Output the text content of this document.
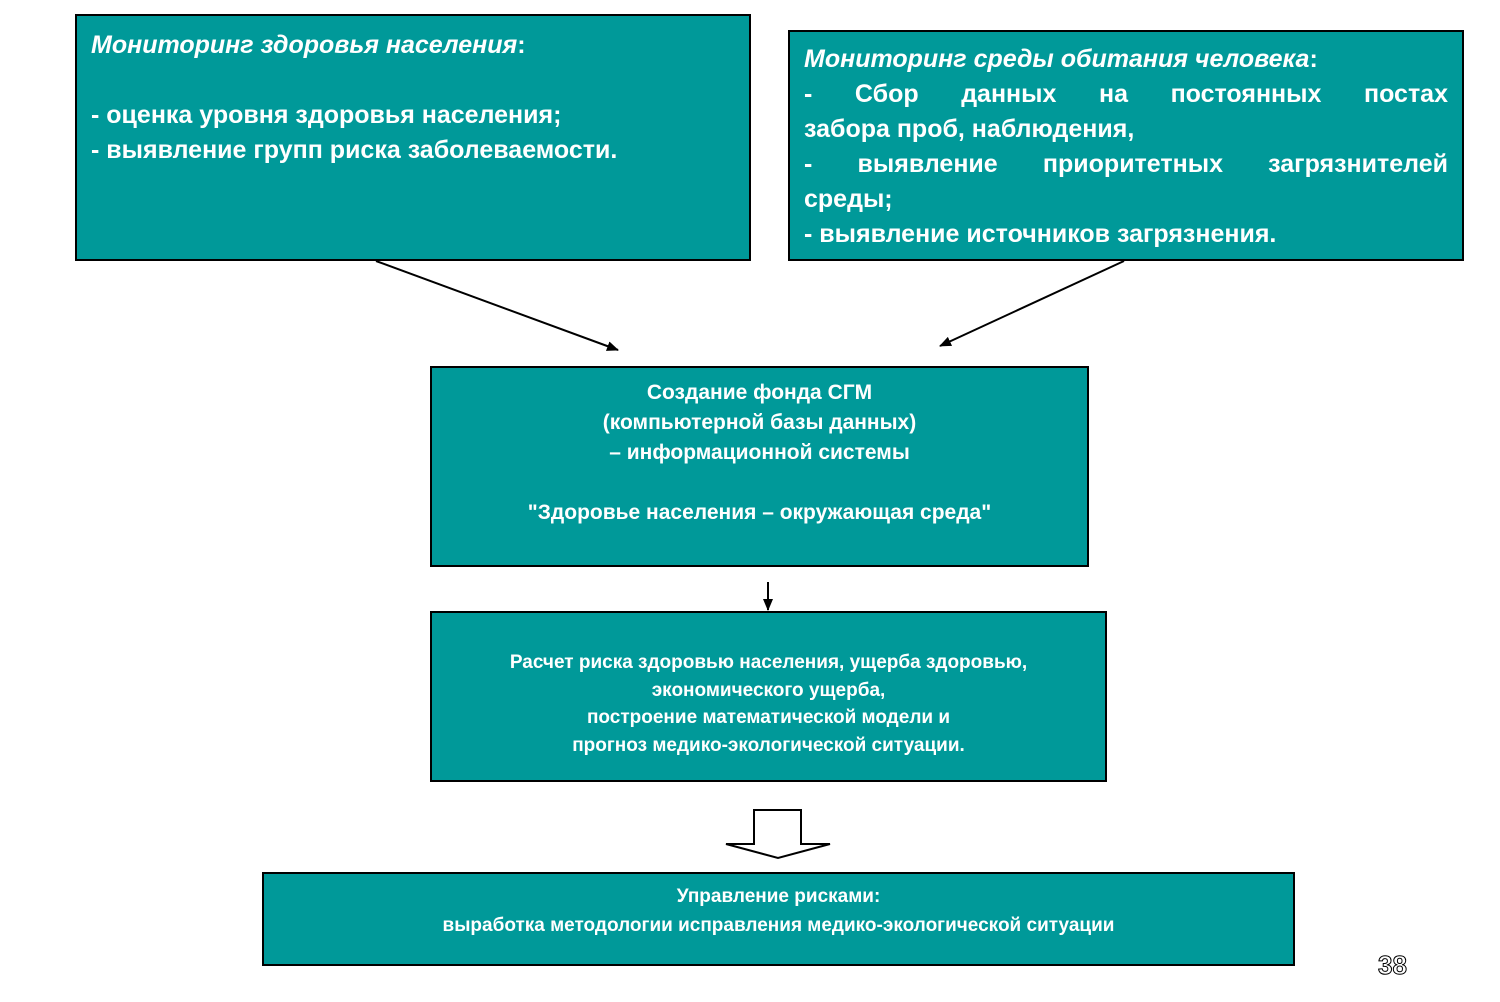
Мониторинг здоровья населения:

- оценка уровня здоровья населения;
- выявление групп риска заболеваемости.
Мониторинг среды обитания человека:
- Сбор данных на постоянных постах
забора проб, наблюдения,
- выявление приоритетных загрязнителей
среды;
- выявление источников загрязнения.
Создание фонда СГМ
(компьютерной базы данных)
– информационной системы

"Здоровье населения – окружающая среда"
Расчет риска здоровью населения, ущерба здоровью,
экономического ущерба,
построение математической модели и
прогноз медико-экологической ситуации.
Управление рисками:
выработка методологии исправления медико-экологической ситуации
38
